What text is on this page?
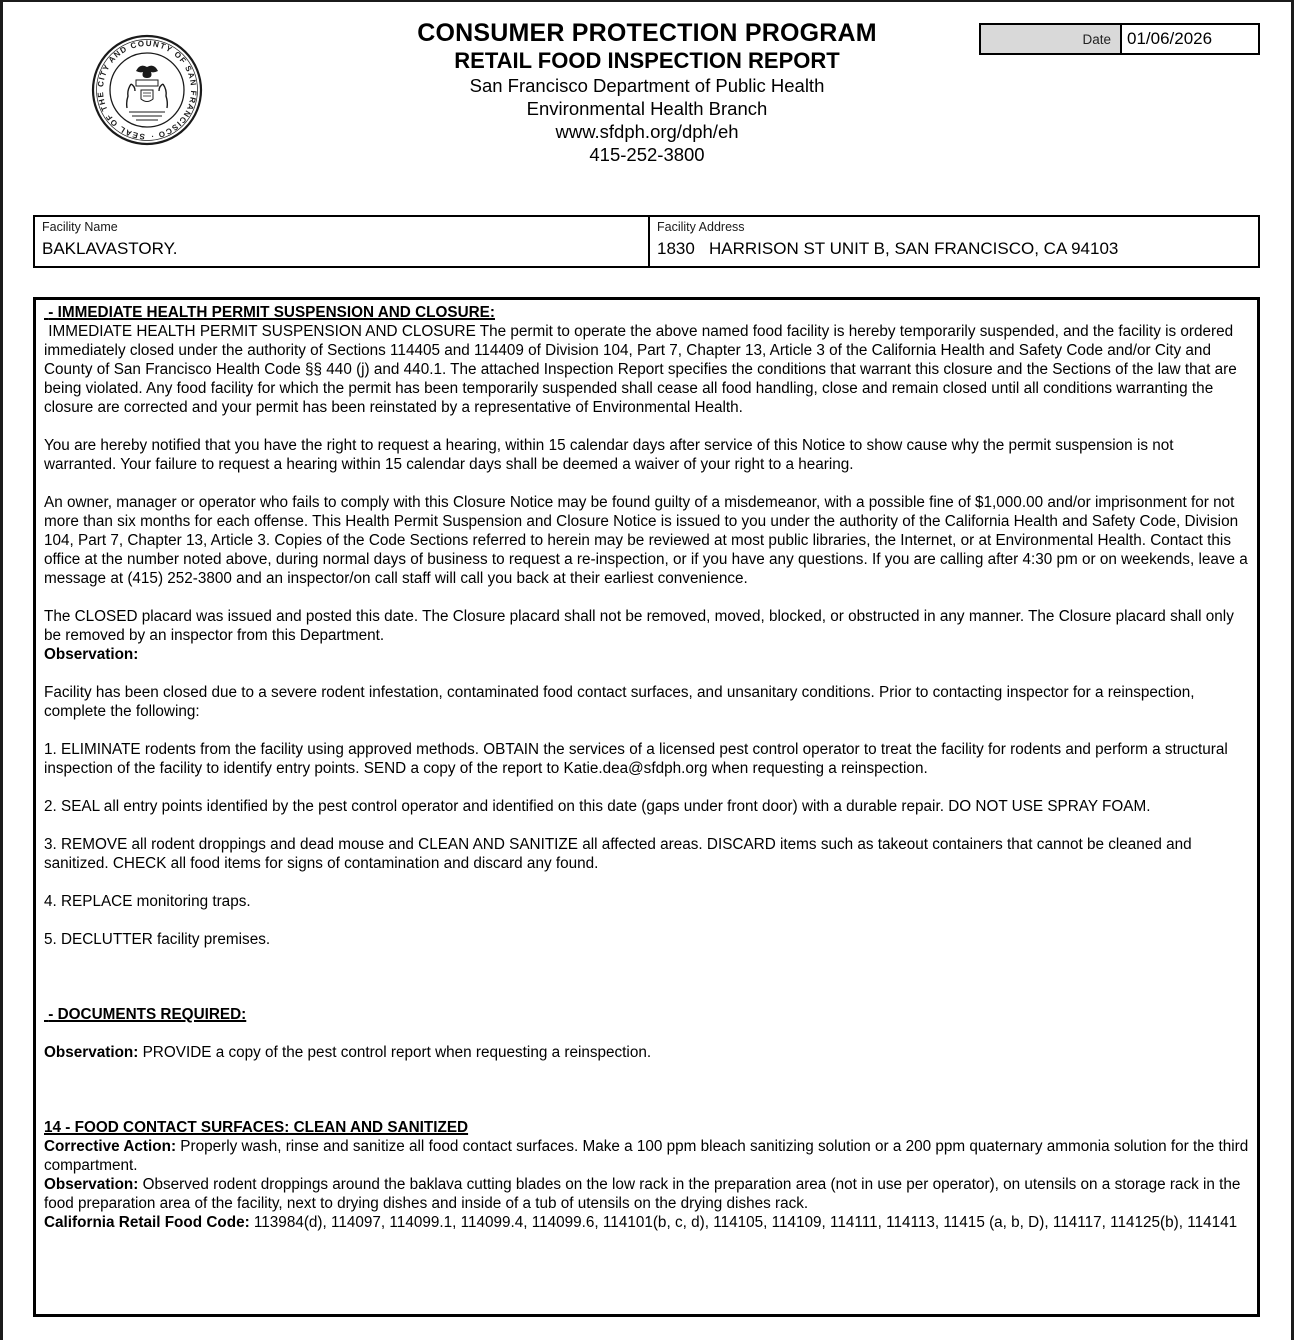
SEAL OF THE CITY AND COUNTY OF SAN FRANCISCO ·
CONSUMER PROTECTION PROGRAM
RETAIL FOOD INSPECTION REPORT
San Francisco Department of Public Health
Environmental Health Branch
www.sfdph.org/dph/eh
415-252-3800
Date 01/06/2026
Facility Name
BAKLAVASTORY.
Facility Address
1830   HARRISON ST UNIT B, SAN FRANCISCO, CA 94103
- IMMEDIATE HEALTH PERMIT SUSPENSION AND CLOSURE:

IMMEDIATE HEALTH PERMIT SUSPENSION AND CLOSURE The permit to operate the above named food facility is hereby temporarily suspended, and the facility is ordered immediately closed under the authority of Sections 114405 and 114409 of Division 104, Part 7, Chapter 13, Article 3 of the California Health and Safety Code and/or City and County of San Francisco Health Code §§ 440 (j) and 440.1. The attached Inspection Report specifies the conditions that warrant this closure and the Sections of the law that are being violated. Any food facility for which the permit has been temporarily suspended shall cease all food handling, close and remain closed until all conditions warranting the closure are corrected and your permit has been reinstated by a representative of Environmental Health.

You are hereby notified that you have the right to request a hearing, within 15 calendar days after service of this Notice to show cause why the permit suspension is not warranted. Your failure to request a hearing within 15 calendar days shall be deemed a waiver of your right to a hearing.

An owner, manager or operator who fails to comply with this Closure Notice may be found guilty of a misdemeanor, with a possible fine of $1,000.00 and/or imprisonment for not more than six months for each offense. This Health Permit Suspension and Closure Notice is issued to you under the authority of the California Health and Safety Code, Division 104, Part 7, Chapter 13, Article 3. Copies of the Code Sections referred to herein may be reviewed at most public libraries, the Internet, or at Environmental Health. Contact this office at the number noted above, during normal days of business to request a re-inspection, or if you have any questions. If you are calling after 4:30 pm or on weekends, leave a message at (415) 252-3800 and an inspector/on call staff will call you back at their earliest convenience.

The CLOSED placard was issued and posted this date. The Closure placard shall not be removed, moved, blocked, or obstructed in any manner. The Closure placard shall only be removed by an inspector from this Department.

Observation:

Facility has been closed due to a severe rodent infestation, contaminated food contact surfaces, and unsanitary conditions. Prior to contacting inspector for a reinspection, complete the following:

1. ELIMINATE rodents from the facility using approved methods. OBTAIN the services of a licensed pest control operator to treat the facility for rodents and perform a structural inspection of the facility to identify entry points. SEND a copy of the report to Katie.dea@sfdph.org when requesting a reinspection.

2. SEAL all entry points identified by the pest control operator and identified on this date (gaps under front door) with a durable repair. DO NOT USE SPRAY FOAM.

3. REMOVE all rodent droppings and dead mouse and CLEAN AND SANITIZE all affected areas. DISCARD items such as takeout containers that cannot be cleaned and sanitized. CHECK all food items for signs of contamination and discard any found.

4. REPLACE monitoring traps.

5. DECLUTTER facility premises.

- DOCUMENTS REQUIRED:

Observation: PROVIDE a copy of the pest control report when requesting a reinspection.

14 - FOOD CONTACT SURFACES: CLEAN AND SANITIZED

Corrective Action: Properly wash, rinse and sanitize all food contact surfaces. Make a 100 ppm bleach sanitizing solution or a 200 ppm quaternary ammonia solution for the third compartment.

Observation: Observed rodent droppings around the baklava cutting blades on the low rack in the preparation area (not in use per operator), on utensils on a storage rack in the food preparation area of the facility, next to drying dishes and inside of a tub of utensils on the drying dishes rack.

California Retail Food Code: 113984(d), 114097, 114099.1, 114099.4, 114099.6, 114101(b, c, d), 114105, 114109, 114111, 114113, 11415 (a, b, D), 114117, 114125(b), 114141
